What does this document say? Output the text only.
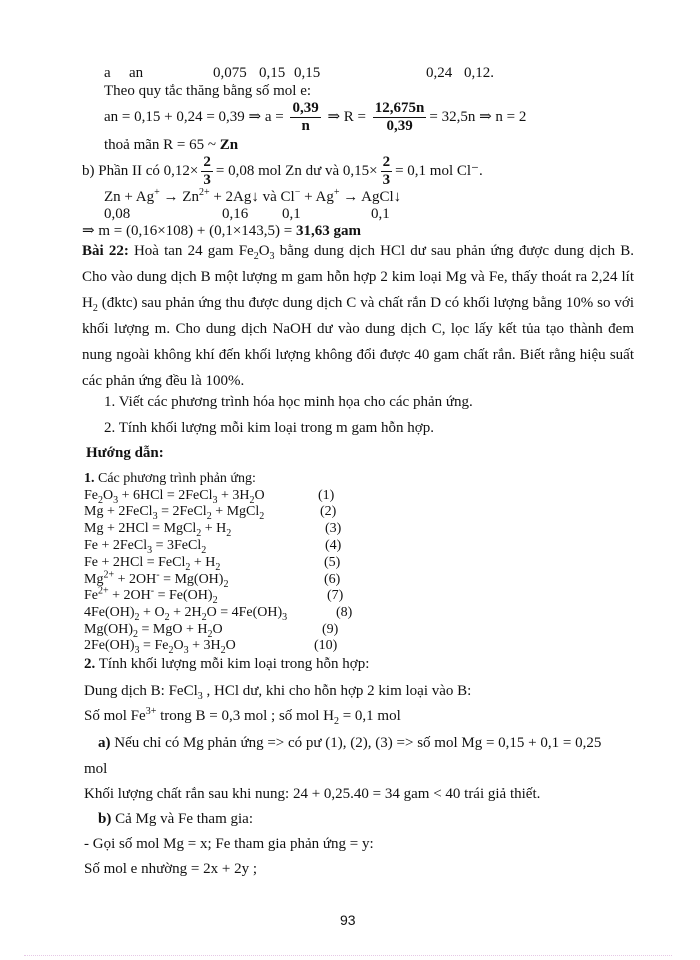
a an	0,075 0,15 0,15	0,24 0,12.
Theo quy tắc thăng bằng số mol e:
an = 0,15 + 0,24 = 0,39 ⇒ $a = \frac{0,39}{n}$ ⇒ $R = \frac{12,675n}{0,39} = 32,5n$ ⇒ n = 2
thoả mãn R = 65 ~ Zn
b) Phần II có $0,12\times \frac{2}{3} = 0,08$ mol Zn dư và $0,15\times \frac{2}{3} = 0,1$ mol Cl⁻.
$Zn + Ag^+ \to Zn^{2+}$ + 2Ag↓ và Cl− + Ag+ → AgCl↓
0,08	0,16 0,1	0,1
⇒ m = (0,16×108) + (0,1×143,5) = 31,63 gam
Bài 22: Hoà tan 24 gam $Fe_2O_3$ bằng dung dịch HCl dư sau phản ứng được dung dịch B. Cho vào dung dịch B một lượng m gam hỗn hợp 2 kim loại Mg và Fe, thấy thoát ra 2,24 lít $H_2$ (đktc) sau phản ứng thu được dung dịch C và chất rắn D có khối lượng bằng 10% so với khối lượng m. Cho dung dịch NaOH dư vào dung dịch C, lọc lấy kết tủa tạo thành đem nung ngoài không khí đến khối lượng không đổi được 40 gam chất rắn. Biết rằng hiệu suất các phản ứng đều là 100%.
1. Viết các phương trình hóa học minh họa cho các phản ứng.
2. Tính khối lượng mỗi kim loại trong m gam hỗn hợp.
Hướng dẫn:
1. Các phương trình phản ứng:
$Fe_2O_3 + 6HCl$ = 2FeCl$_3$ + $3H_2O$	(1)
Mg + 2FeCl$_3$ = 2FeCl$_2$ + MgCl$_2$	(2)
Mg + 2HCl = MgCl$_2$ + $H_2$	(3)
Fe + 2FeCl$_3$ = 3FeCl$_2$	(4)
Fe + 2HCl = FeCl$_2$ + $H_2$	(5)
$Mg^{2+} + 2OH^- = Mg(OH)_2$	(6)
$Fe^{2+} + 2OH^- = Fe(OH)_2$	(7)
$4Fe(OH)_2 + O_2 + 2H_2O = 4Fe(OH)_3$	(8)
$Mg(OH)_2$ = MgO + $H_2O$	(9)
$2Fe(OH)_3 = Fe_2O_3 + 3H_2O$	(10)
2. Tính khối lượng mỗi kim loại trong hỗn hợp:
Dung dịch B: FeCl$_3$ , HCl dư, khi cho hỗn hợp 2 kim loại vào B:
Số mol $Fe^{3+}$ trong B = 0,3 mol ; số mol $H_2 = 0,1$ mol
a) Nếu chỉ có Mg phản ứng => có pư (1), (2), (3) => số mol Mg = 0,15 + 0,1 = 0,25
mol
Khối lượng chất rắn sau khi nung: 24 + 0,25.40 = 34 gam < 40 trái giả thiết.
b) Cả Mg và Fe tham gia:
- Gọi số mol Mg = x; Fe tham gia phản ứng = y:
Số mol e nhường = 2x + 2y ;
93
